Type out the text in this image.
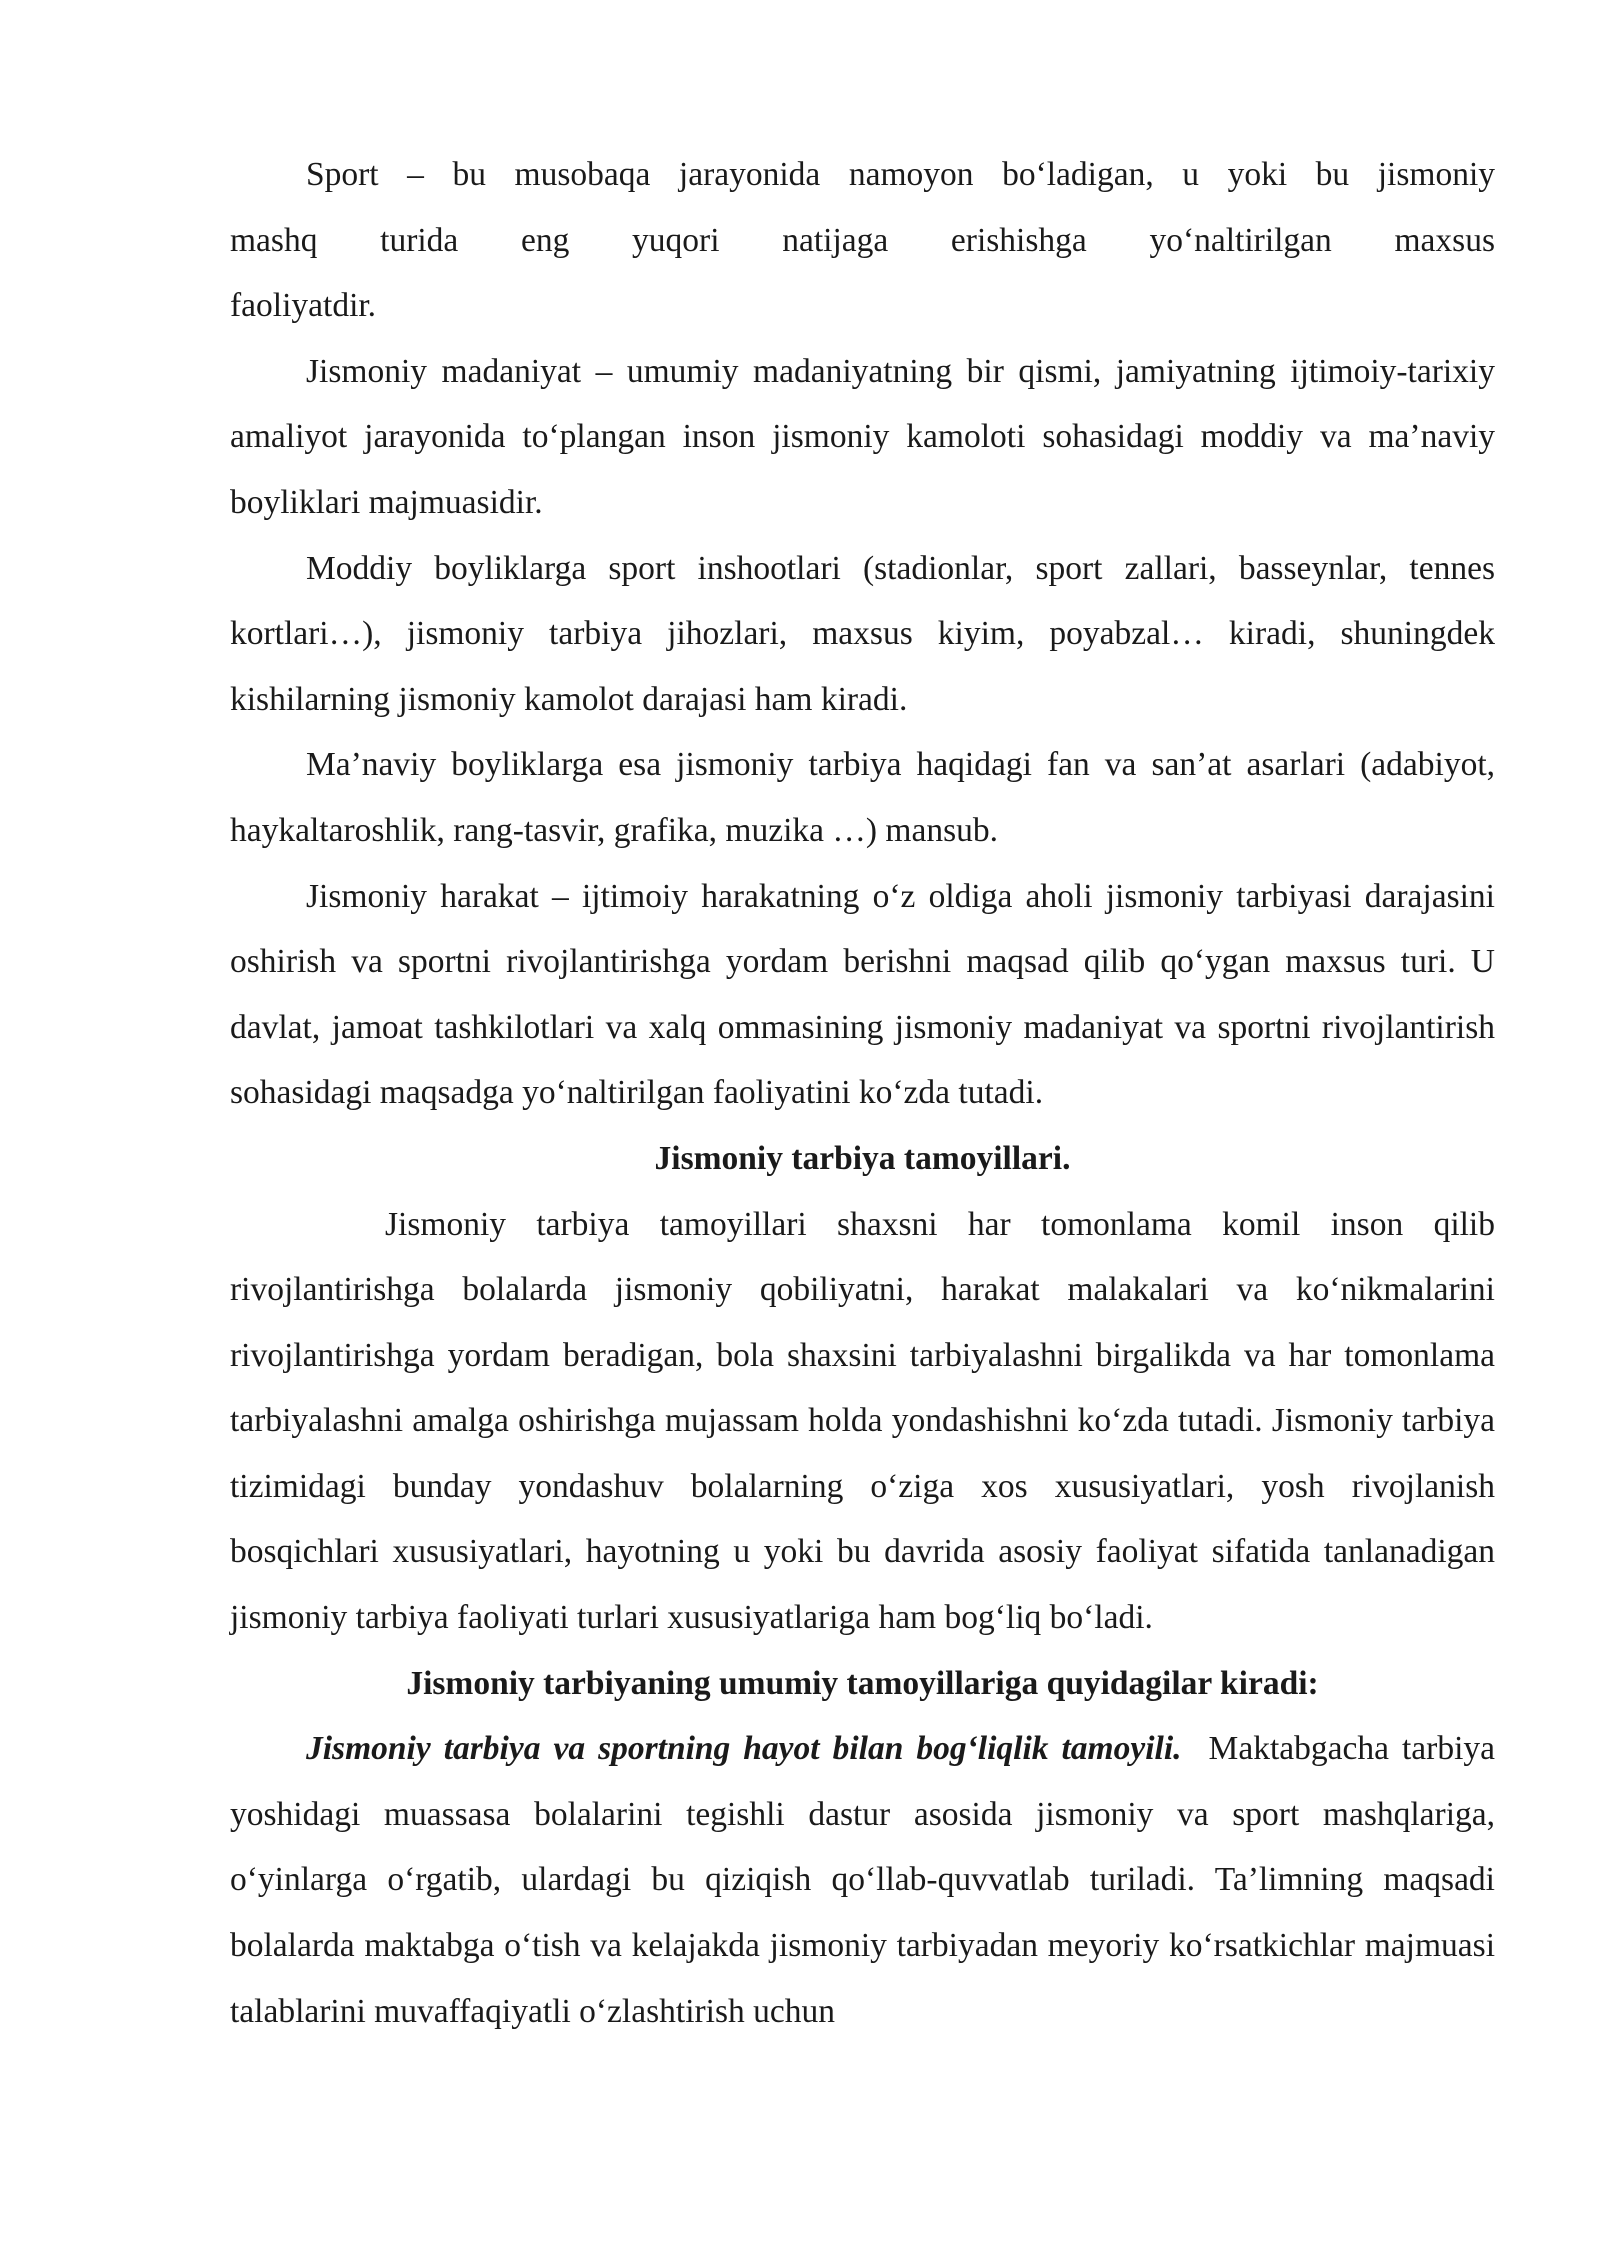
Sport – bu musobaqa jarayonida namoyon bo‘ladigan, u yoki bu jismoniy
mashq turida eng yuqori natijaga erishishga yo‘naltirilgan maxsus
faoliyatdir.

Jismoniy madaniyat – umumiy madaniyatning bir qismi, jamiyatning ijtimoiy-tarixiy amaliyot jarayonida to‘plangan inson jismoniy kamoloti sohasidagi moddiy va ma’naviy boyliklari majmuasidir.

Moddiy boyliklarga sport inshootlari (stadionlar, sport zallari, basseynlar, tennes kortlari…), jismoniy tarbiya jihozlari, maxsus kiyim, poyabzal… kiradi, shuningdek kishilarning jismoniy kamolot darajasi ham kiradi.

Ma’naviy boyliklarga esa jismoniy tarbiya haqidagi fan va san’at asarlari (adabiyot, haykaltaroshlik, rang-tasvir, grafika, muzika …) mansub.

Jismoniy harakat – ijtimoiy harakatning o‘z oldiga aholi jismoniy tarbiyasi darajasini oshirish va sportni rivojlantirishga yordam berishni maqsad qilib qo‘ygan maxsus turi. U davlat, jamoat tashkilotlari va xalq ommasining jismoniy madaniyat va sportni rivojlantirish sohasidagi maqsadga yo‘naltirilgan faoliyatini ko‘zda tutadi.

Jismoniy tarbiya tamoyillari.

Jismoniy tarbiya tamoyillari shaxsni har tomonlama komil inson qilib rivojlantirishga bolalarda jismoniy qobiliyatni, harakat malakalari va ko‘nikmalarini rivojlantirishga yordam beradigan, bola shaxsini tarbiyalashni birgalikda va har tomonlama tarbiyalashni amalga oshirishga mujassam holda yondashishni ko‘zda tutadi. Jismoniy tarbiya tizimidagi bunday yondashuv bolalarning o‘ziga xos xususiyatlari, yosh rivojlanish bosqichlari xususiyatlari, hayotning u yoki bu davrida asosiy faoliyat sifatida tanlanadigan jismoniy tarbiya faoliyati turlari xususiyatlariga ham bog‘liq bo‘ladi.

Jismoniy tarbiyaning umumiy tamoyillariga quyidagilar kiradi:

Jismoniy tarbiya va sportning hayot bilan bog‘liqlik tamoyili. Maktabgacha tarbiya yoshidagi muassasa bolalarini tegishli dastur asosida jismoniy va sport mashqlariga, o‘yinlarga o‘rgatib, ulardagi bu qiziqish qo‘llab-quvvatlab turiladi. Ta’limning maqsadi bolalarda maktabga o‘tish va kelajakda jismoniy tarbiyadan meyoriy ko‘rsatkichlar majmuasi talablarini muvaffaqiyatli o‘zlashtirish uchun
